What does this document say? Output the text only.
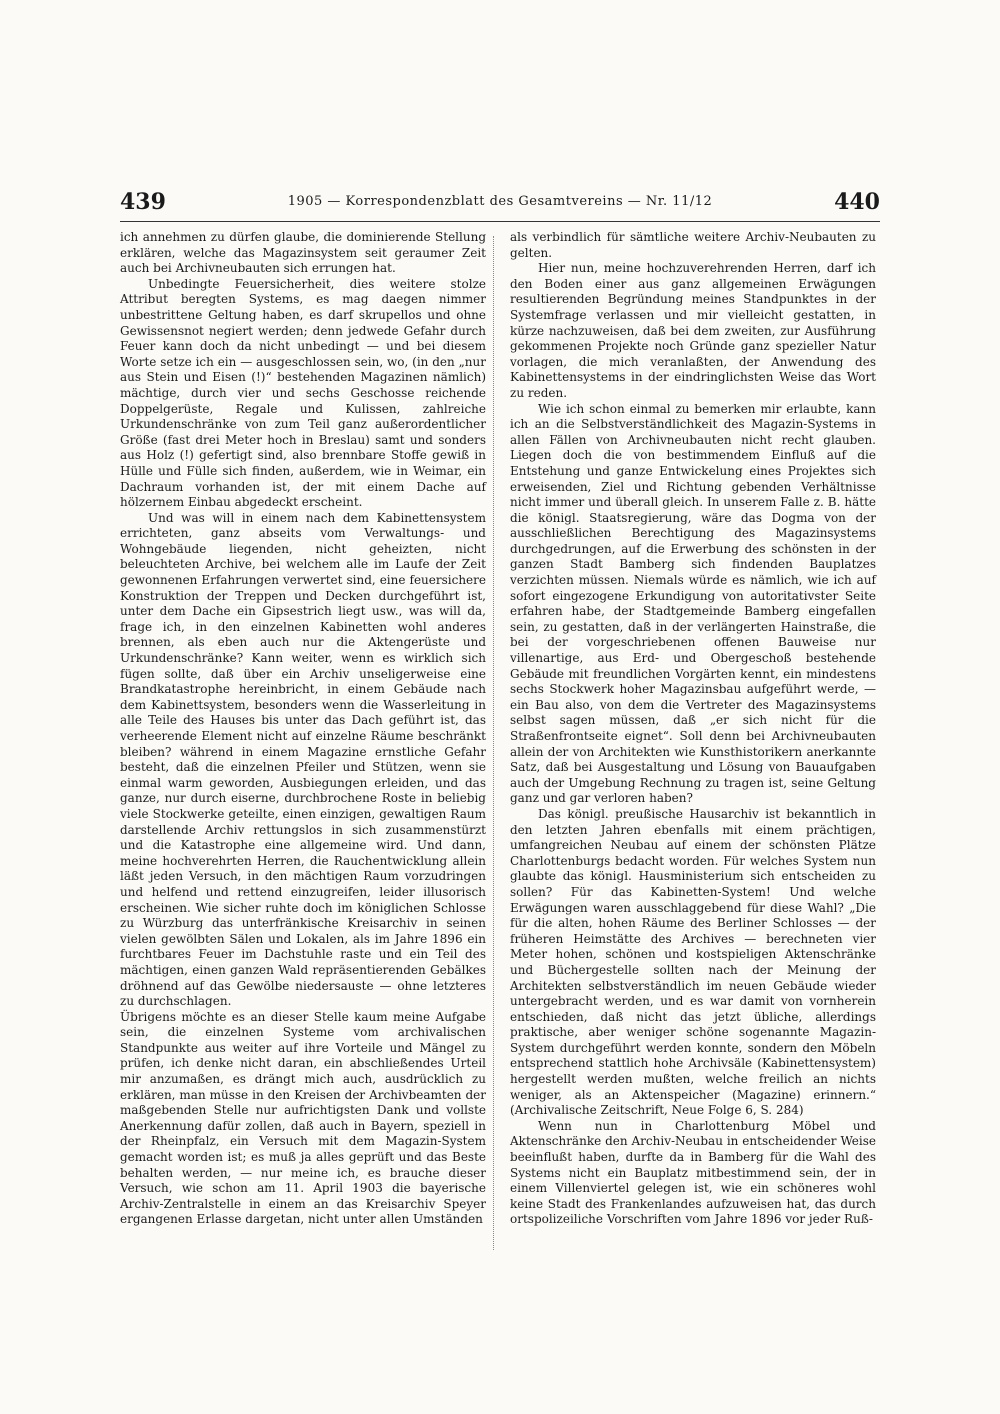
439	1905 — Korrespondenzblatt des Gesamtvereins — Nr. 11/12	440

ich annehmen zu dürfen glaube, die dominierende Stellung erklären, welche das Magazinsystem seit geraumer Zeit auch bei Archivneubauten sich errungen hat.

Unbedingte Feuersicherheit, dies weitere stolze Attribut beregten Systems, es mag daegen nimmer unbestrittene Geltung haben, es darf skrupellos und ohne Gewissensnot negiert werden; denn jedwede Gefahr durch Feuer kann doch da nicht unbedingt — und bei diesem Worte setze ich ein — ausgeschlossen sein, wo, (in den „nur aus Stein und Eisen (!)“ bestehenden Magazinen nämlich) mächtige, durch vier und sechs Geschosse reichende Doppelgerüste, Regale und Kulissen, zahlreiche Urkundenschränke von zum Teil ganz außerordentlicher Größe (fast drei Meter hoch in Breslau) samt und sonders aus Holz (!) gefertigt sind, also brennbare Stoffe gewiß in Hülle und Fülle sich finden, außerdem, wie in Weimar, ein Dachraum vorhanden ist, der mit einem Dache auf hölzernem Einbau abgedeckt erscheint.

Und was will in einem nach dem Kabinettensystem errichteten, ganz abseits vom Verwaltungs- und Wohngebäude liegenden, nicht geheizten, nicht beleuchteten Archive, bei welchem alle im Laufe der Zeit gewonnenen Erfahrungen verwertet sind, eine feuersichere Konstruktion der Treppen und Decken durchgeführt ist, unter dem Dache ein Gipsestrich liegt usw., was will da, frage ich, in den einzelnen Kabinetten wohl anderes brennen, als eben auch nur die Aktengerüste und Urkundenschränke? Kann weiter, wenn es wirklich sich fügen sollte, daß über ein Archiv unseligerweise eine Brandkatastrophe hereinbricht, in einem Gebäude nach dem Kabinettsystem, besonders wenn die Wasserleitung in alle Teile des Hauses bis unter das Dach geführt ist, das verheerende Element nicht auf einzelne Räume beschränkt bleiben? während in einem Magazine ernstliche Gefahr besteht, daß die einzelnen Pfeiler und Stützen, wenn sie einmal warm geworden, Ausbiegungen erleiden, und das ganze, nur durch eiserne, durchbrochene Roste in beliebig viele Stockwerke geteilte, einen einzigen, gewaltigen Raum darstellende Archiv rettungslos in sich zusammenstürzt und die Katastrophe eine allgemeine wird. Und dann, meine hochverehrten Herren, die Rauchentwicklung allein läßt jeden Versuch, in den mächtigen Raum vorzudringen und helfend und rettend einzugreifen, leider illusorisch erscheinen. Wie sicher ruhte doch im königlichen Schlosse zu Würzburg das unterfränkische Kreisarchiv in seinen vielen gewölbten Sälen und Lokalen, als im Jahre 1896 ein furchtbares Feuer im Dachstuhle raste und ein Teil des mächtigen, einen ganzen Wald repräsentierenden Gebälkes dröhnend auf das Gewölbe niedersauste — ohne letzteres zu durchschlagen.

Übrigens möchte es an dieser Stelle kaum meine Aufgabe sein, die einzelnen Systeme vom archivalischen Standpunkte aus weiter auf ihre Vorteile und Mängel zu prüfen, ich denke nicht daran, ein abschließendes Urteil mir anzumaßen, es drängt mich auch, ausdrücklich zu erklären, man müsse in den Kreisen der Archivbeamten der maßgebenden Stelle nur aufrichtigsten Dank und vollste Anerkennung dafür zollen, daß auch in Bayern, speziell in der Rheinpfalz, ein Versuch mit dem Magazin-System gemacht worden ist; es muß ja alles geprüft und das Beste behalten werden, — nur meine ich, es brauche dieser Versuch, wie schon am 11. April 1903 die bayerische Archiv-Zentralstelle in einem an das Kreisarchiv Speyer ergangenen Erlasse dargetan, nicht unter allen Umständen

als verbindlich für sämtliche weitere Archiv-Neubauten zu gelten.

Hier nun, meine hochzuverehrenden Herren, darf ich den Boden einer aus ganz allgemeinen Erwägungen resultierenden Begründung meines Standpunktes in der Systemfrage verlassen und mir vielleicht gestatten, in kürze nachzuweisen, daß bei dem zweiten, zur Ausführung gekommenen Projekte noch Gründe ganz spezieller Natur vorlagen, die mich veranlaßten, der Anwendung des Kabinettensystems in der eindringlichsten Weise das Wort zu reden.

Wie ich schon einmal zu bemerken mir erlaubte, kann ich an die Selbstverständlichkeit des Magazin-Systems in allen Fällen von Archivneubauten nicht recht glauben. Liegen doch die von bestimmendem Einfluß auf die Entstehung und ganze Entwickelung eines Projektes sich erweisenden, Ziel und Richtung gebenden Verhältnisse nicht immer und überall gleich. In unserem Falle z. B. hätte die königl. Staatsregierung, wäre das Dogma von der ausschließlichen Berechtigung des Magazinsystems durchgedrungen, auf die Erwerbung des schönsten in der ganzen Stadt Bamberg sich findenden Bauplatzes verzichten müssen. Niemals würde es nämlich, wie ich auf sofort eingezogene Erkundigung von autoritativster Seite erfahren habe, der Stadtgemeinde Bamberg eingefallen sein, zu gestatten, daß in der verlängerten Hainstraße, die bei der vorgeschriebenen offenen Bauweise nur villenartige, aus Erd- und Obergeschoß bestehende Gebäude mit freundlichen Vorgärten kennt, ein mindestens sechs Stockwerk hoher Magazinsbau aufgeführt werde, — ein Bau also, von dem die Vertreter des Magazinsystems selbst sagen müssen, daß „er sich nicht für die Straßenfrontseite eignet“. Soll denn bei Archivneubauten allein der von Architekten wie Kunsthistorikern anerkannte Satz, daß bei Ausgestaltung und Lösung von Bauaufgaben auch der Umgebung Rechnung zu tragen ist, seine Geltung ganz und gar verloren haben?

Das königl. preußische Hausarchiv ist bekanntlich in den letzten Jahren ebenfalls mit einem prächtigen, umfangreichen Neubau auf einem der schönsten Plätze Charlottenburgs bedacht worden. Für welches System nun glaubte das königl. Hausministerium sich entscheiden zu sollen? Für das Kabinetten-System! Und welche Erwägungen waren ausschlaggebend für diese Wahl? „Die für die alten, hohen Räume des Berliner Schlosses — der früheren Heimstätte des Archives — berechneten vier Meter hohen, schönen und kostspieligen Aktenschränke und Büchergestelle sollten nach der Meinung der Architekten selbstverständlich im neuen Gebäude wieder untergebracht werden, und es war damit von vornherein entschieden, daß nicht das jetzt übliche, allerdings praktische, aber weniger schöne sogenannte Magazin-System durchgeführt werden konnte, sondern den Möbeln entsprechend stattlich hohe Archivsäle (Kabinettensystem) hergestellt werden mußten, welche freilich an nichts weniger, als an Aktenspeicher (Magazine) erinnern.“ (Archivalische Zeitschrift, Neue Folge 6, S. 284)

Wenn nun in Charlottenburg Möbel und Aktenschränke den Archiv-Neubau in entscheidender Weise beeinflußt haben, durfte da in Bamberg für die Wahl des Systems nicht ein Bauplatz mitbestimmend sein, der in einem Villenviertel gelegen ist, wie ein schöneres wohl keine Stadt des Frankenlandes aufzuweisen hat, das durch ortspolizeiliche Vorschriften vom Jahre 1896 vor jeder Ruß-
